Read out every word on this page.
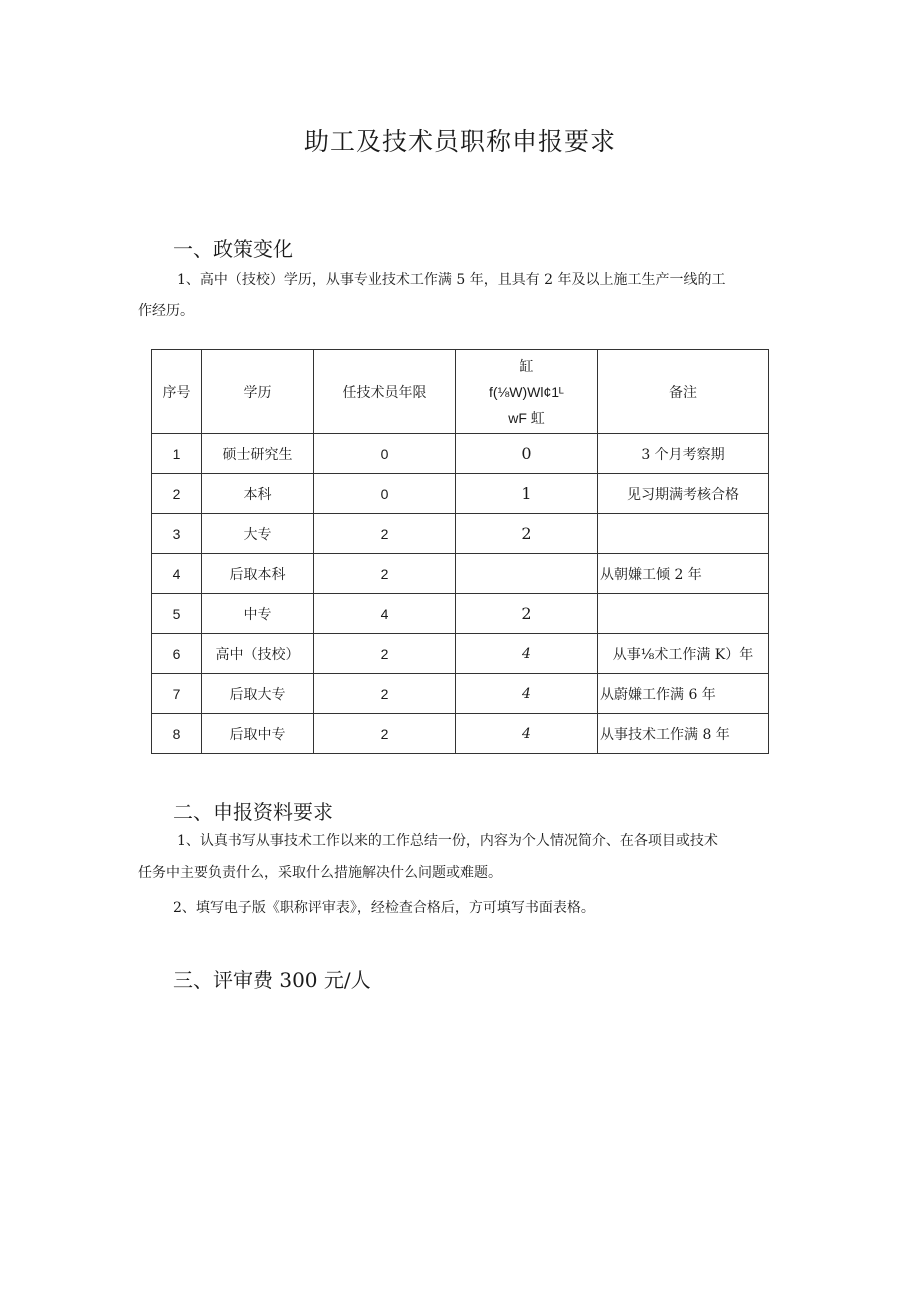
助工及技术员职称申报要求
一、政策变化
1、高中（技校）学历，从事专业技术工作满 5 年，且具有 2 年及以上施工生产一线的工
作经历。
序号	学历	任技术员年限	缸
f(⅛W)Wl¢1ᴸ
wF 虹	备注
1	硕士研究生	0	0	3 个月考察期
2	本科	0	1	见习期满考核合格
3	大专	2	2	
4	后取本科	2		从朝嫌工倾 2 年
5	中专	4	2	
6	高中（技校）	2	4	从事⅛术工作满 K）年
7	后取大专	2	4	从蔚嫌工作满 6 年
8	后取中专	2	4	从事技术工作满 8 年
二、申报资料要求
1、认真书写从事技术工作以来的工作总结一份，内容为个人情况简介、在各项目或技术
任务中主要负责什么，采取什么措施解决什么问题或难题。
2、填写电子版《职称评审表》，经检查合格后，方可填写书面表格。
三、评审费 300 元/人
